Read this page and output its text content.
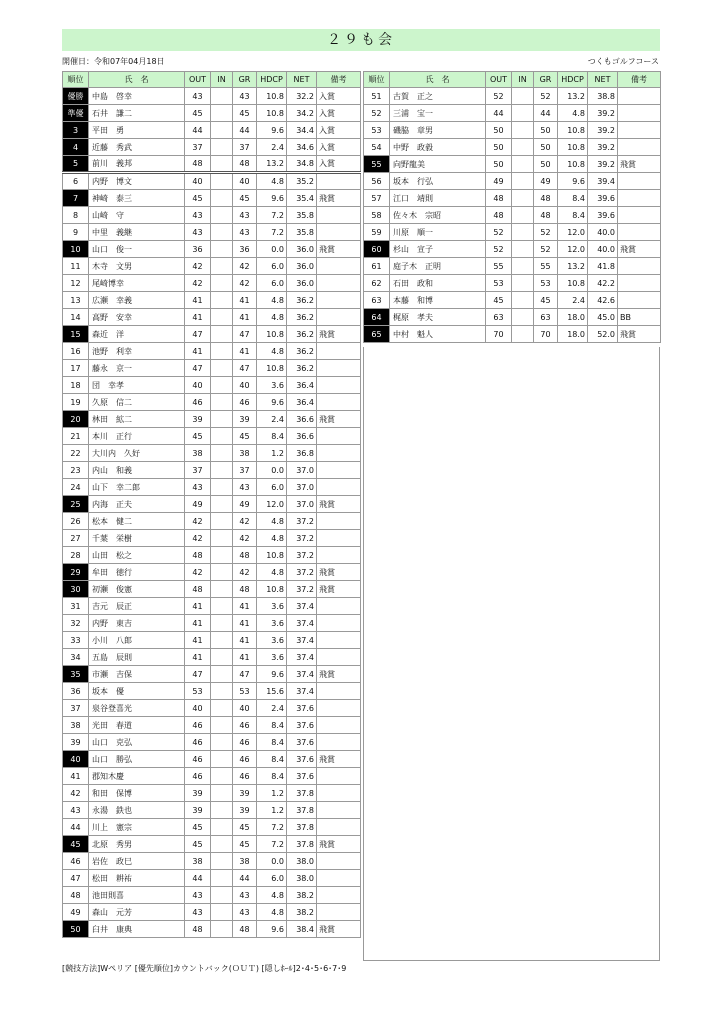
２９も会
開催日：令和07年04月18日	つくもゴルフコース
順位	氏　名	OUT	IN	GR	HDCP	NET	備考
優勝	中島　啓幸	43		43	10.8	32.2	入賞
準優	石井　謙二	45		45	10.8	34.2	入賞
3	平田　勇	44		44	9.6	34.4	入賞
4	近藤　秀武	37		37	2.4	34.6	入賞
5	前川　義邦	48		48	13.2	34.8	入賞
6	内野　博文	40		40	4.8	35.2	
7	神崎　泰三	45		45	9.6	35.4	飛賞
8	山崎　守	43		43	7.2	35.8	
9	中里　義継	43		43	7.2	35.8	
10	山口　俊一	36		36	0.0	36.0	飛賞
11	木寺　文男	42		42	6.0	36.0	
12	尾崎博幸	42		42	6.0	36.0	
13	広瀬　幸義	41		41	4.8	36.2	
14	高野　安幸	41		41	4.8	36.2	
15	森近　洋	47		47	10.8	36.2	飛賞
16	池野　利幸	41		41	4.8	36.2	
17	藤永　京一	47		47	10.8	36.2	
18	団　幸孝	40		40	3.6	36.4	
19	久原　信二	46		46	9.6	36.4	
20	林田　絋二	39		39	2.4	36.6	飛賞
21	本川　正行	45		45	8.4	36.6	
22	大川内　久好	38		38	1.2	36.8	
23	内山　和義	37		37	0.0	37.0	
24	山下　幸二郎	43		43	6.0	37.0	
25	内海　正夫	49		49	12.0	37.0	飛賞
26	松本　健二	42		42	4.8	37.2	
27	千葉　栄樹	42		42	4.8	37.2	
28	山田　松之	48		48	10.8	37.2	
29	牟田　徳行	42		42	4.8	37.2	飛賞
30	初瀬　俊憲	48		48	10.8	37.2	飛賞
31	吉元　辰正	41		41	3.6	37.4	
32	内野　東吉	41		41	3.6	37.4	
33	小川　八郎	41		41	3.6	37.4	
34	五島　辰則	41		41	3.6	37.4	
35	市瀬　吉保	47		47	9.6	37.4	飛賞
36	坂本　優	53		53	15.6	37.4	
37	泉谷登喜光	40		40	2.4	37.6	
38	光田　春道	46		46	8.4	37.6	
39	山口　克弘	46		46	8.4	37.6	
40	山口　勝弘	46		46	8.4	37.6	飛賞
41	郡知木慶	46		46	8.4	37.6	
42	和田　保博	39		39	1.2	37.8	
43	永湯　鉄也	39		39	1.2	37.8	
44	川上　憲宗	45		45	7.2	37.8	
45	北原　秀男	45		45	7.2	37.8	飛賞
46	岩佐　政巳	38		38	0.0	38.0	
47	松田　耕祐	44		44	6.0	38.0	
48	池田則喜	43		43	4.8	38.2	
49	森山　元芳	43		43	4.8	38.2	
50	臼井　康典	48		48	9.6	38.4	飛賞
順位	氏　名	OUT	IN	GR	HDCP	NET	備考
51	古賀　正之	52		52	13.2	38.8	
52	三浦　宝一	44		44	4.8	39.2	
53	磯脇　章男	50		50	10.8	39.2	
54	中野　政毅	50		50	10.8	39.2	
55	向野龍美	50		50	10.8	39.2	飛賞
56	坂本　行弘	49		49	9.6	39.4	
57	江口　靖則	48		48	8.4	39.6	
58	佐々木　宗昭	48		48	8.4	39.6	
59	川原　順一	52		52	12.0	40.0	
60	杉山　宣子	52		52	12.0	40.0	飛賞
61	庭子木　正明	55		55	13.2	41.8	
62	石田　政和	53		53	10.8	42.2	
63	本藤　和博	45		45	2.4	42.6	
64	梶原　孝夫	63		63	18.0	45.0	BB
65	中村　魁人	70		70	18.0	52.0	飛賞
[競技方法]Wペリア [優先順位]カウントバック(ＯＵＴ) [隠しﾎｰﾙ]2･4･5･6･7･9
